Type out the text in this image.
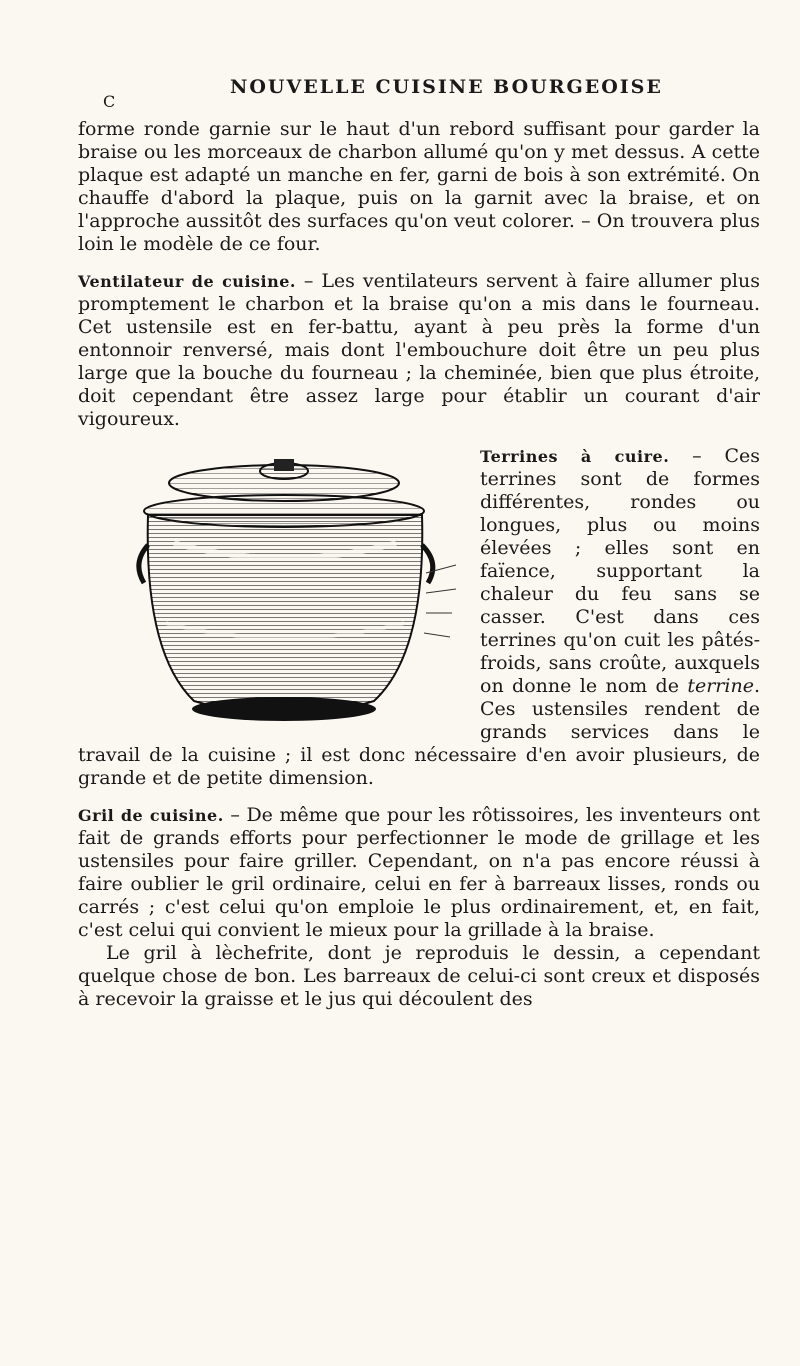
C
NOUVELLE CUISINE BOURGEOISE

forme ronde garnie sur le haut d'un rebord suffisant pour garder la braise ou les morceaux de charbon allumé qu'on y met dessus. A cette plaque est adapté un manche en fer, garni de bois à son extrémité. On chauffe d'abord la plaque, puis on la garnit avec la braise, et on l'approche aussitôt des surfaces qu'on veut colorer. – On trouvera plus loin le modèle de ce four.

Ventilateur de cuisine. – Les ventilateurs servent à faire allumer plus promptement le charbon et la braise qu'on a mis dans le fourneau. Cet ustensile est en fer-battu, ayant à peu près la forme d'un entonnoir renversé, mais dont l'embouchure doit être un peu plus large que la bouche du fourneau ; la cheminée, bien que plus étroite, doit cependant être assez large pour établir un courant d'air vigoureux.

Terrines à cuire. – Ces terrines sont de formes différentes, rondes ou longues, plus ou moins élevées ; elles sont en faïence, supportant la chaleur du feu sans se casser. C'est dans ces terrines qu'on cuit les pâtés-froids, sans croûte, auxquels on donne le nom de terrine. Ces ustensiles rendent de grands services dans le travail de la cuisine ; il est donc nécessaire d'en avoir plusieurs, de grande et de petite dimension.

Gril de cuisine. – De même que pour les rôtissoires, les inventeurs ont fait de grands efforts pour perfectionner le mode de grillage et les ustensiles pour faire griller. Cependant, on n'a pas encore réussi à faire oublier le gril ordinaire, celui en fer à barreaux lisses, ronds ou carrés ; c'est celui qu'on emploie le plus ordinairement, et, en fait, c'est celui qui convient le mieux pour la grillade à la braise.

Le gril à lèchefrite, dont je reproduis le dessin, a cependant quelque chose de bon. Les barreaux de celui-ci sont creux et disposés à recevoir la graisse et le jus qui découlent des
